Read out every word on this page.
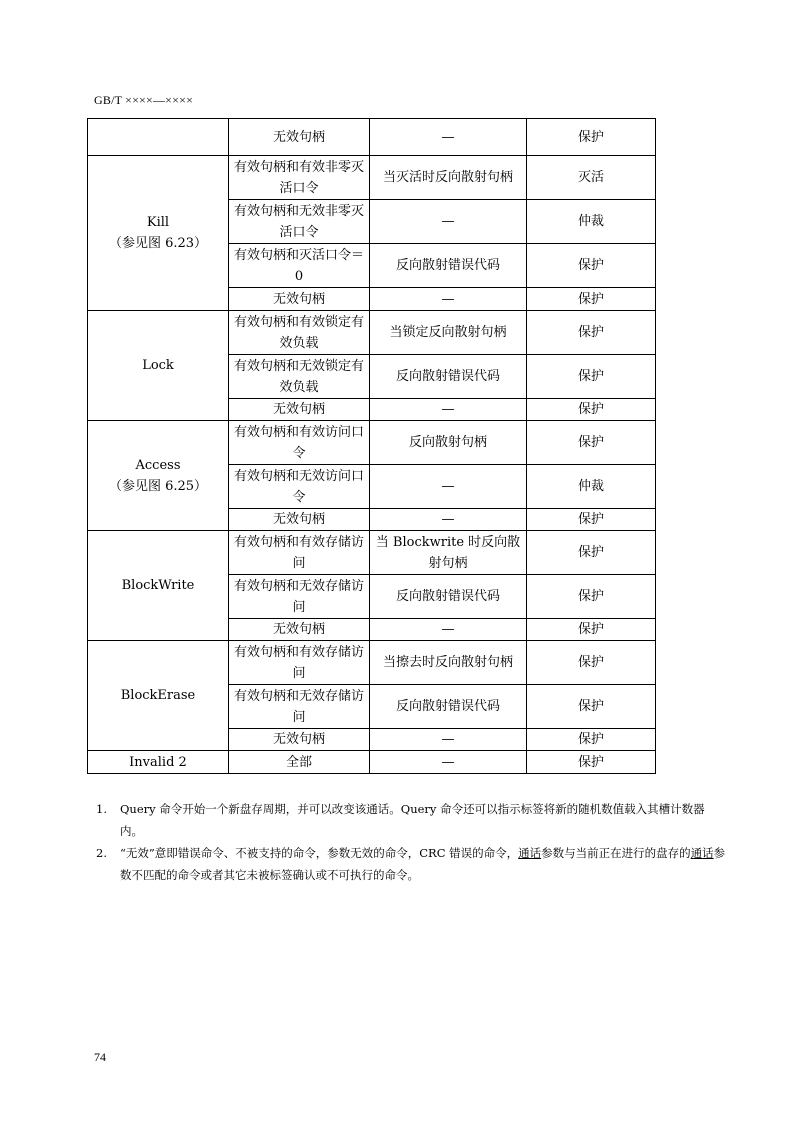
GB/T ××××—××××
	无效句柄	—	保护

Kill
（参见图 6.23）	有效句柄和有效非零灭活口令	当灭活时反向散射句柄	灭活
	有效句柄和无效非零灭活口令	—	仲裁
	有效句柄和灭活口令＝0	反向散射错误代码	保护
	无效句柄	—	保护

Lock	有效句柄和有效锁定有效负载	当锁定反向散射句柄	保护
	有效句柄和无效锁定有效负载	反向散射错误代码	保护
	无效句柄	—	保护

Access
（参见图 6.25）	有效句柄和有效访问口令	反向散射句柄	保护
	有效句柄和无效访问口令	—	仲裁
	无效句柄	—	保护

BlockWrite	有效句柄和有效存储访问	当 Blockwrite 时反向散射句柄	保护
	有效句柄和无效存储访问	反向散射错误代码	保护
	无效句柄	—	保护

BlockErase	有效句柄和有效存储访问	当擦去时反向散射句柄	保护
	有效句柄和无效存储访问	反向散射错误代码	保护
	无效句柄	—	保护
Invalid 2	全部	—	保护
1.	Query 命令开始一个新盘存周期，并可以改变该通话。Query 命令还可以指示标签将新的随机数值载入其槽计数器内。
2.	“无效”意即错误命令、不被支持的命令，参数无效的命令，CRC 错误的命令，通话参数与当前正在进行的盘存的通话参数不匹配的命令或者其它未被标签确认或不可执行的命令。
74
